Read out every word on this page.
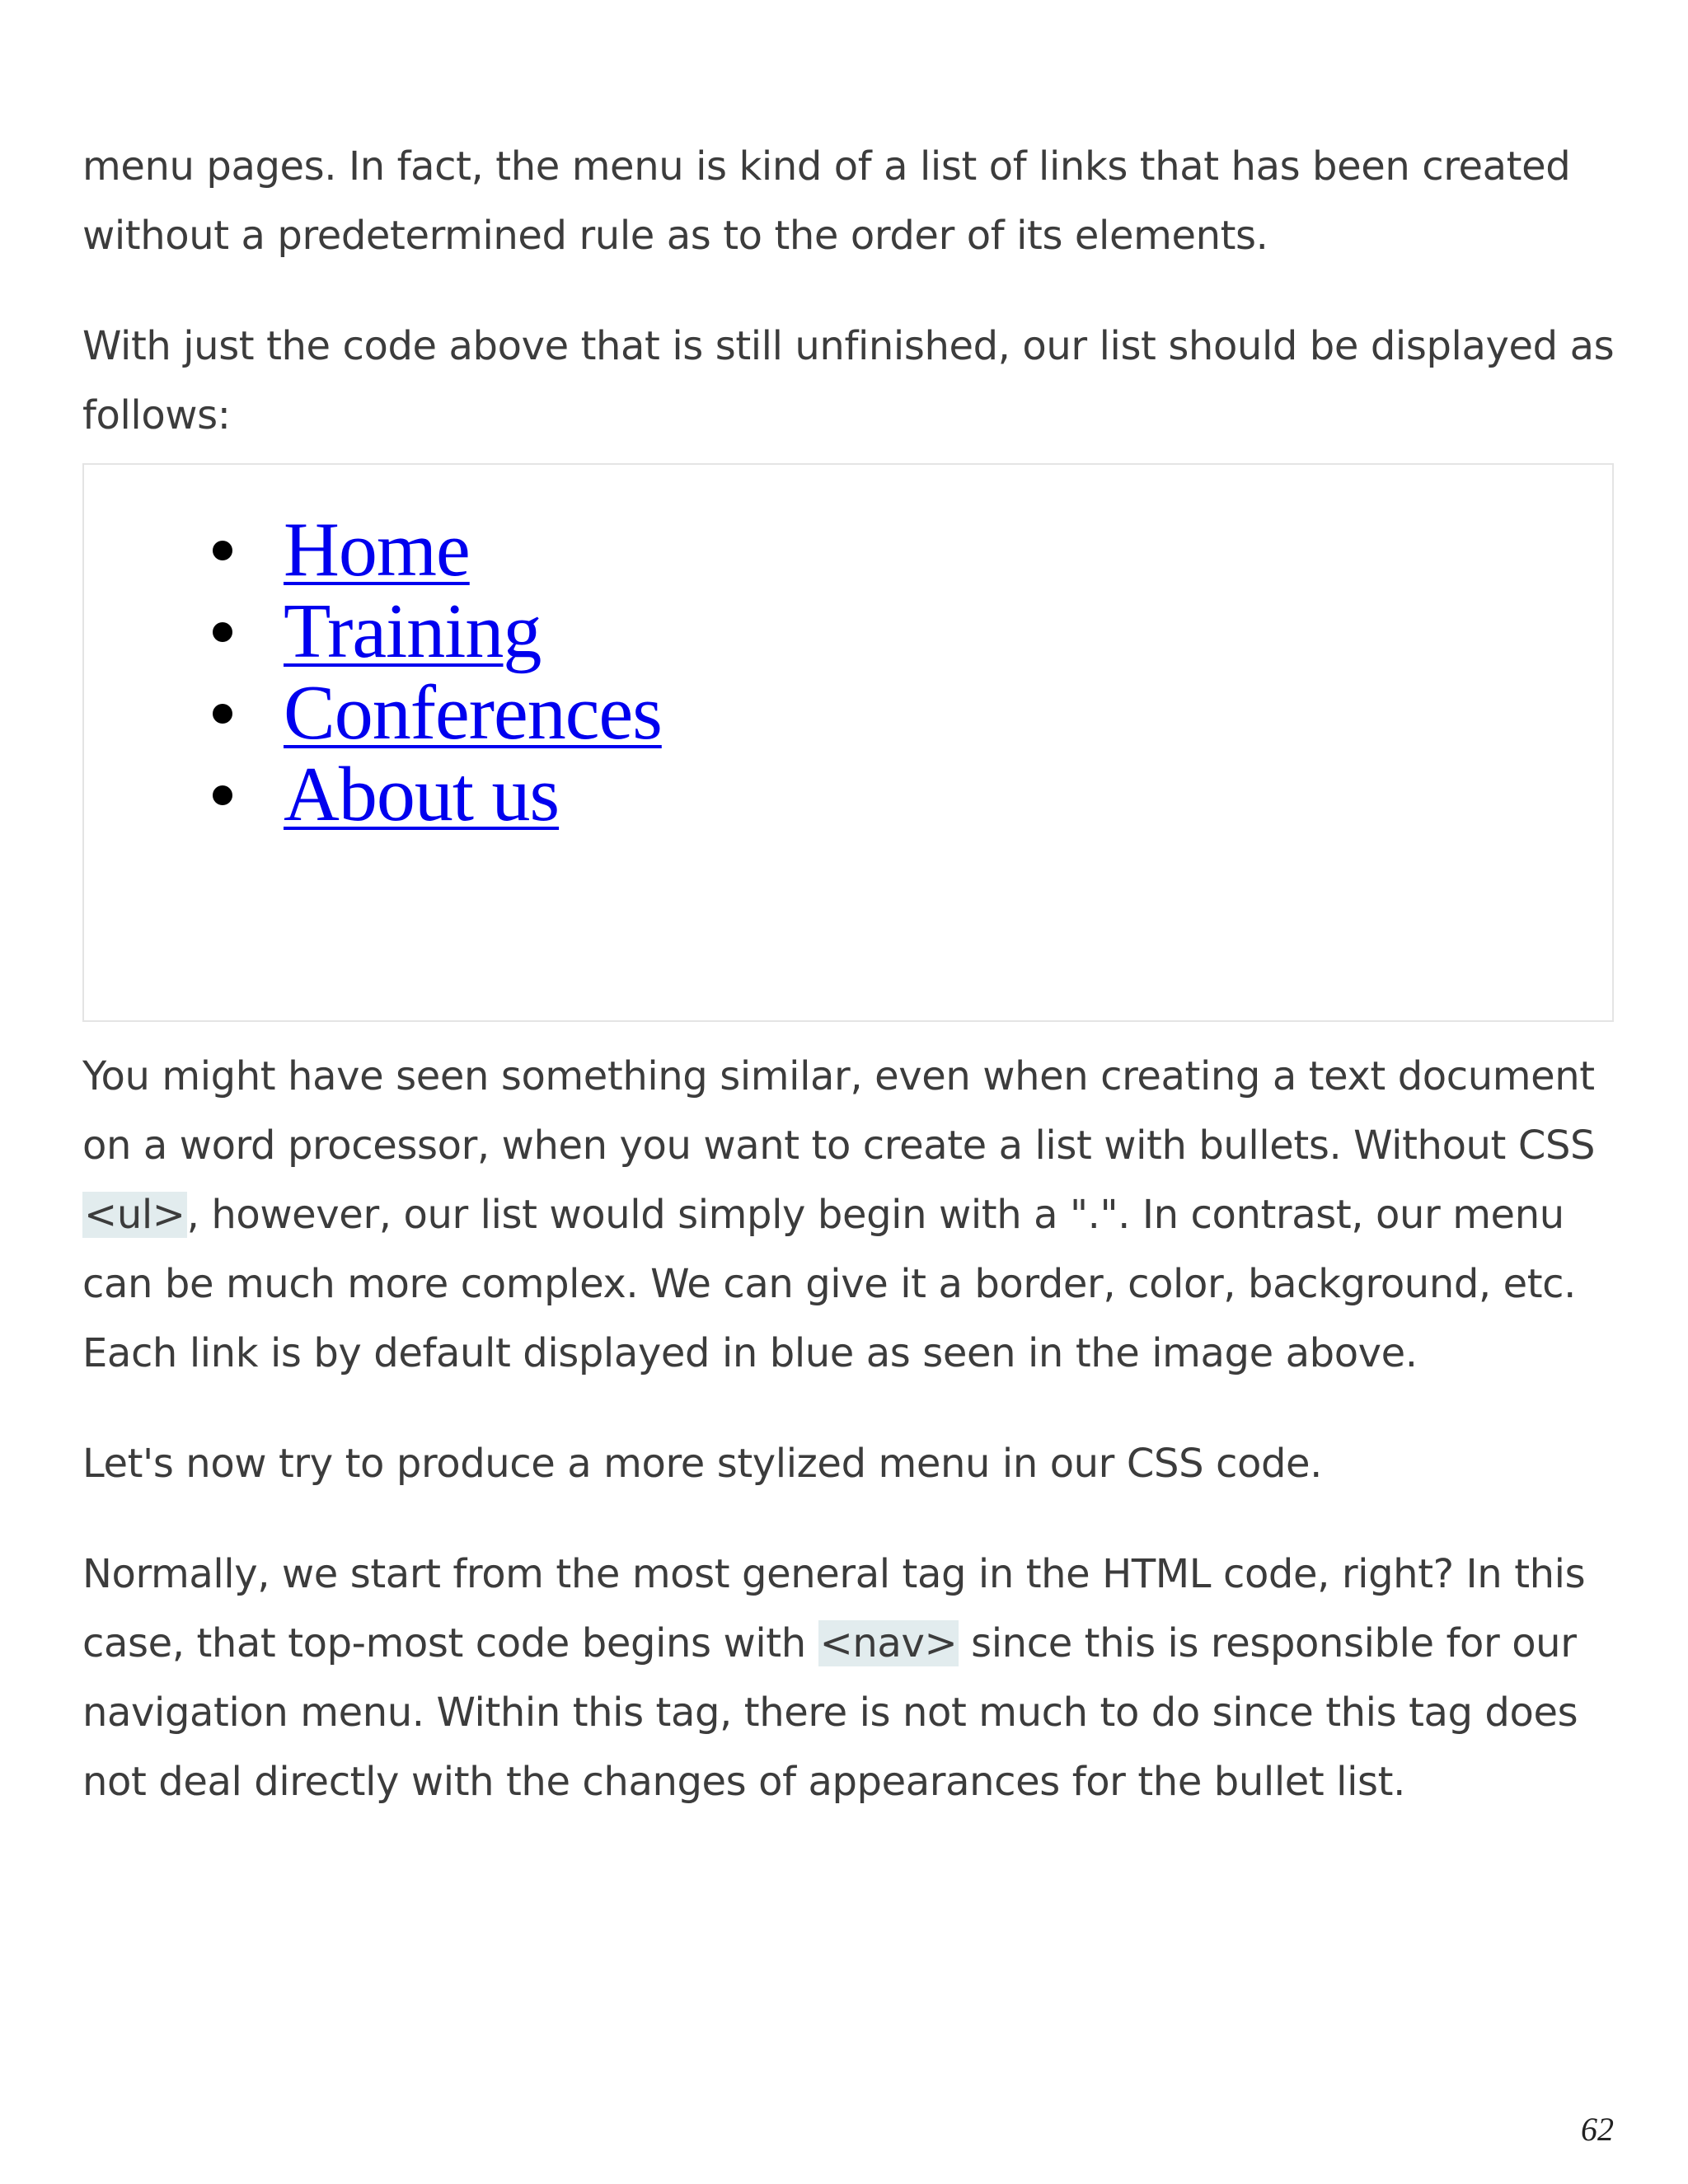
menu pages. In fact, the menu is kind of a list of links that has been created without a predetermined rule as to the order of its elements.

With just the code above that is still unfinished, our list should be displayed as follows:

Home
Training
Conferences
About us

You might have seen something similar, even when creating a text document on a word processor, when you want to create a list with bullets. Without CSS <ul>, however, our list would simply begin with a ".". In contrast, our menu can be much more complex. We can give it a border, color, background, etc. Each link is by default displayed in blue as seen in the image above.

Let's now try to produce a more stylized menu in our CSS code.

Normally, we start from the most general tag in the HTML code, right? In this case, that top-most code begins with <nav> since this is responsible for our navigation menu. Within this tag, there is not much to do since this tag does not deal directly with the changes of appearances for the bullet list.

62
